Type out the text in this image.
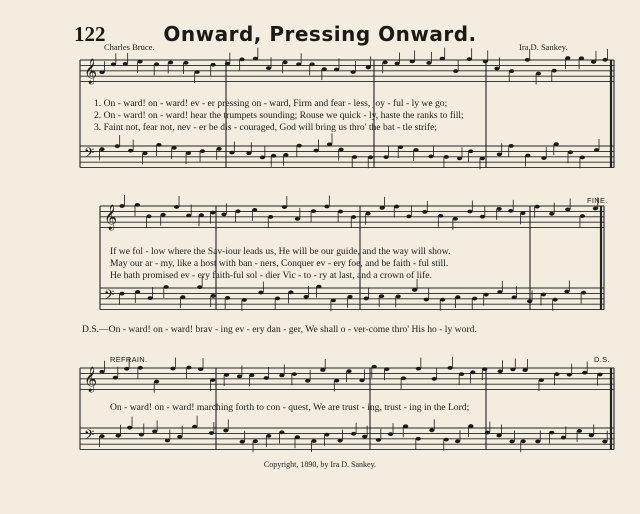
𝄞
𝄢
𝄞
𝄢
𝄞
𝄢
122	Onward, Pressing Onward.
Charles Bruce.	Ira D. Sankey.
1. On - ward! on - ward! ev - er pressing on - ward, Firm and fear - less, joy - ful - ly we go;
2. On - ward! on - ward! hear the trumpets sounding; Rouse we quick - ly, haste the ranks to fill;
3. Faint not, fear not, nev - er be dis - couraged, God will bring us thro' the bat - tle strife;
FINE.
If we fol - low where the Sav-iour leads us, He will be our guide, and the way will show.
May our ar - my, like a host with ban - ners, Conquer ev - ery foe, and be faith - ful still.
He hath promised ev - ery faith-ful sol - dier Vic - to - ry at last, and a crown of life.
D.S.—On - ward! on - ward! brav - ing ev - ery dan - ger, We shall o - ver-come thro' His ho - ly word.
REFRAIN.	D.S.
On - ward! on - ward! marching forth to con - quest, We are trust - ing, trust - ing in the Lord;
Copyright, 1890, by Ira D. Sankey.
